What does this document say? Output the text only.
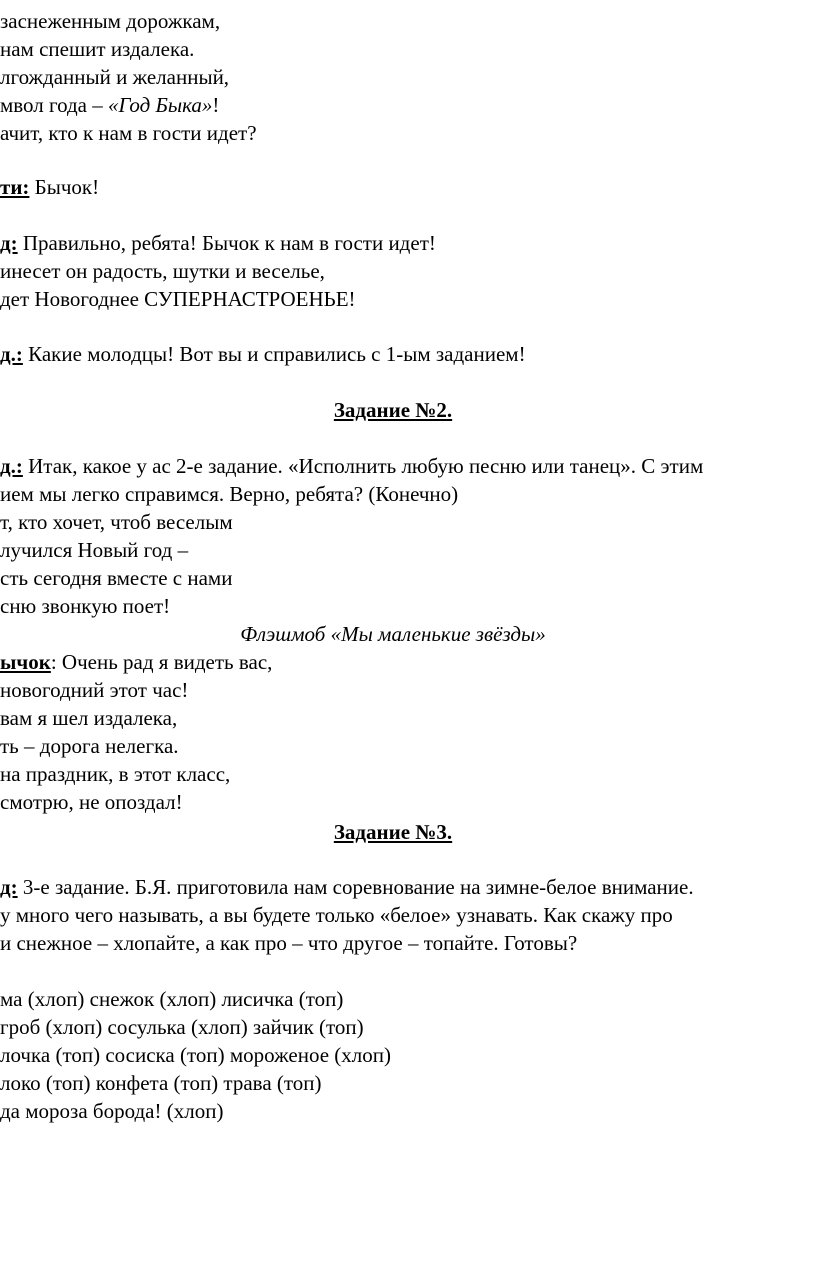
заснеженным дорожкам,
нам спешит издалека.
лгожданный и желанный,
мвол года – «Год Быка»!
ачит, кто к нам в гости идет?
ти: Бычок!
д: Правильно, ребята! Бычок к нам в гости идет!
инесет он радость, шутки и веселье,
дет Новогоднее СУПЕРНАСТРОЕНЬЕ!
д.: Какие молодцы! Вот вы и справились с 1-ым заданием!
Задание №2.
д.: Итак, какое у ас 2-е задание. «Исполнить любую песню или танец». С этим
ием мы легко справимся. Верно, ребята? (Конечно)
т, кто хочет, чтоб веселым
лучился Новый год –
сть сегодня вместе с нами
сню звонкую поет!
Флэшмоб «Мы маленькие звёзды»
ычок: Очень рад я видеть вас,
новогодний этот час!
вам я шел издалека,
ть – дорога нелегка.
на праздник, в этот класс,
смотрю, не опоздал!
Задание №3.
д: 3-е задание. Б.Я. приготовила нам соревнование на зимне-белое внимание.
у много чего называть, а вы будете только «белое» узнавать. Как скажу про
и снежное – хлопайте, а как про – что другое – топайте. Готовы?
ма (хлоп) снежок (хлоп) лисичка (топ)
гроб (хлоп) сосулька (хлоп) зайчик (топ)
лочка (топ) сосиска (топ) мороженое (хлоп)
локо (топ) конфета (топ) трава (топ)
да мороза борода! (хлоп)
